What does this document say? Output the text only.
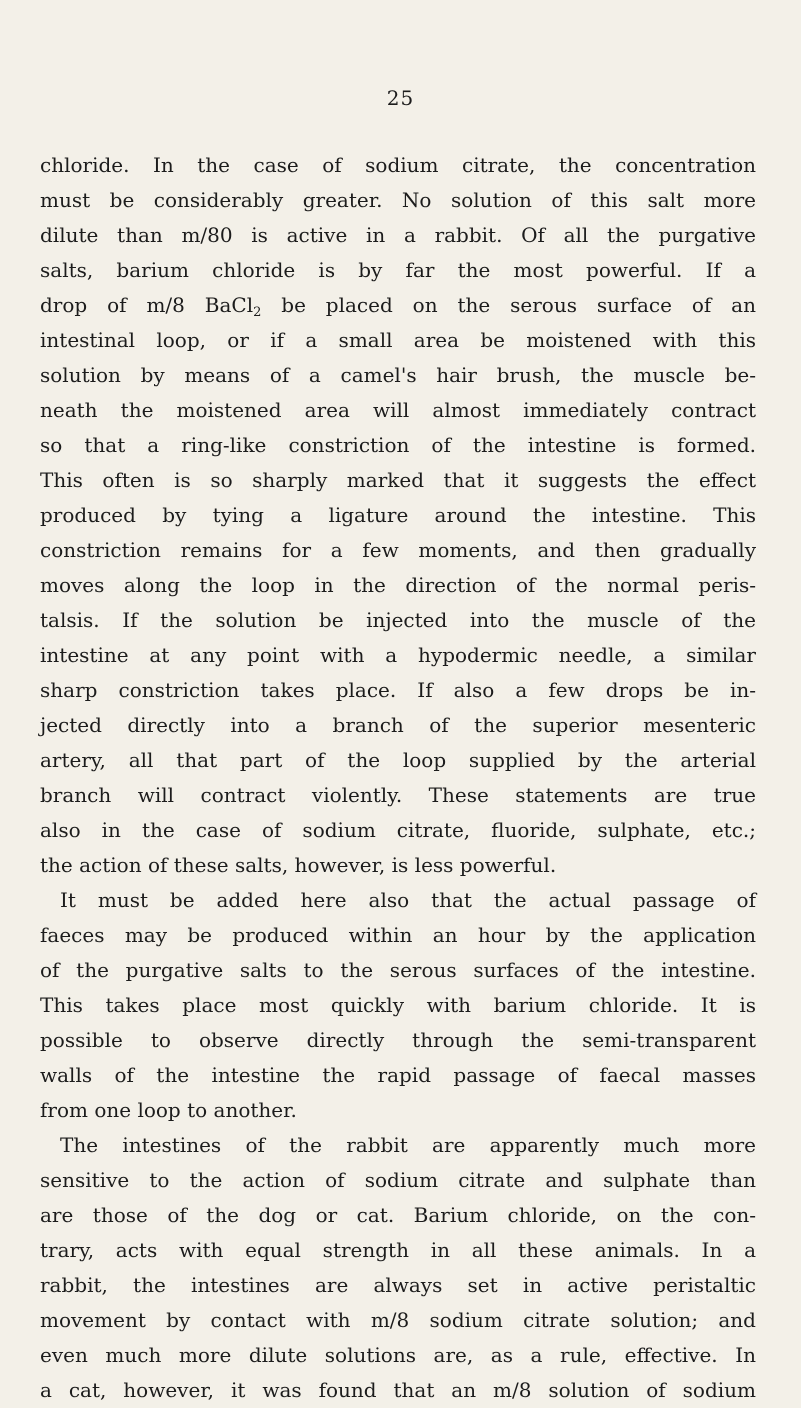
25
chloride. In the case of sodium citrate, the concentration
must be considerably greater. No solution of this salt more
dilute than m/80 is active in a rabbit. Of all the purgative
salts, barium chloride is by far the most powerful. If a
drop of m/8 BaCl$_2$ be placed on the serous surface of an
intestinal loop, or if a small area be moistened with this
solution by means of a camel's hair brush, the muscle be-
neath the moistened area will almost immediately contract
so that a ring-like constriction of the intestine is formed.
This often is so sharply marked that it suggests the effect
produced by tying a ligature around the intestine. This
constriction remains for a few moments, and then gradually
moves along the loop in the direction of the normal peris-
talsis. If the solution be injected into the muscle of the
intestine at any point with a hypodermic needle, a similar
sharp constriction takes place. If also a few drops be in-
jected directly into a branch of the superior mesenteric
artery, all that part of the loop supplied by the arterial
branch will contract violently. These statements are true
also in the case of sodium citrate, fluoride, sulphate, etc.;
the action of these salts, however, is less powerful.
It must be added here also that the actual passage of
faeces may be produced within an hour by the application
of the purgative salts to the serous surfaces of the intestine.
This takes place most quickly with barium chloride. It is
possible to observe directly through the semi-transparent
walls of the intestine the rapid passage of faecal masses
from one loop to another.
The intestines of the rabbit are apparently much more
sensitive to the action of sodium citrate and sulphate than
are those of the dog or cat. Barium chloride, on the con-
trary, acts with equal strength in all these animals. In a
rabbit, the intestines are always set in active peristaltic
movement by contact with m/8 sodium citrate solution; and
even much more dilute solutions are, as a rule, effective. In
a cat, however, it was found that an m/8 solution of sodium
